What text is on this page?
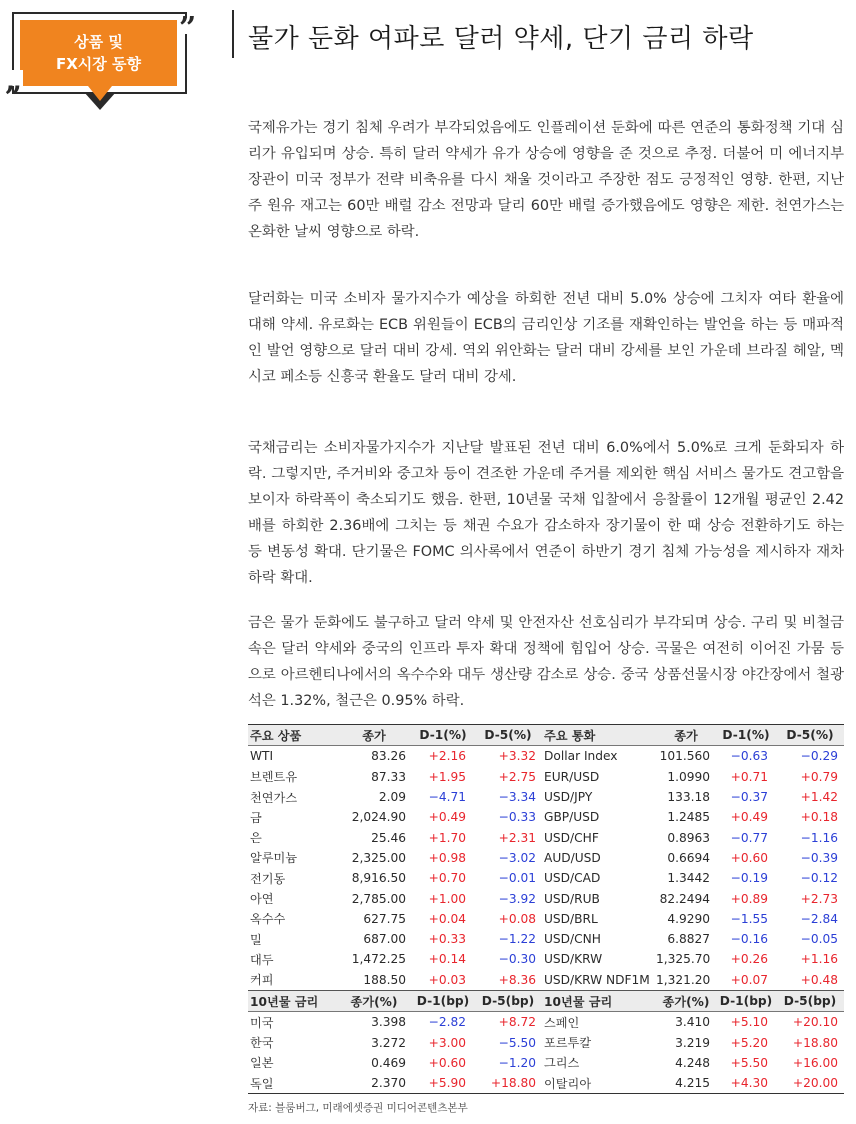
상품 및
FX시장 동향
”
„
물가 둔화 여파로 달러 약세, 단기 금리 하락

국제유가는 경기 침체 우려가 부각되었음에도 인플레이션 둔화에 따른 연준의 통화정책 기대 심리가 유입되며 상승. 특히 달러 약세가 유가 상승에 영향을 준 것으로 추정. 더불어 미 에너지부 장관이 미국 정부가 전략 비축유를 다시 채울 것이라고 주장한 점도 긍정적인 영향. 한편, 지난 주 원유 재고는 60만 배럴 감소 전망과 달리 60만 배럴 증가했음에도 영향은 제한. 천연가스는 온화한 날씨 영향으로 하락.

달러화는 미국 소비자 물가지수가 예상을 하회한 전년 대비 5.0% 상승에 그치자 여타 환율에 대해 약세. 유로화는 ECB 위원들이 ECB의 금리인상 기조를 재확인하는 발언을 하는 등 매파적인 발언 영향으로 달러 대비 강세. 역외 위안화는 달러 대비 강세를 보인 가운데 브라질 헤알, 멕시코 페소등 신흥국 환율도 달러 대비 강세.

국채금리는 소비자물가지수가 지난달 발표된 전년 대비 6.0%에서 5.0%로 크게 둔화되자 하락. 그렇지만, 주거비와 중고차 등이 견조한 가운데 주거를 제외한 핵심 서비스 물가도 견고함을 보이자 하락폭이 축소되기도 했음. 한편, 10년물 국채 입찰에서 응찰률이 12개월 평균인 2.42배를 하회한 2.36배에 그치는 등 채권 수요가 감소하자 장기물이 한 때 상승 전환하기도 하는 등 변동성 확대. 단기물은 FOMC 의사록에서 연준이 하반기 경기 침체 가능성을 제시하자 재차 하락 확대.

금은 물가 둔화에도 불구하고 달러 약세 및 안전자산 선호심리가 부각되며 상승. 구리 및 비철금속은 달러 약세와 중국의 인프라 투자 확대 정책에 힘입어 상승. 곡물은 여전히 이어진 가뭄 등으로 아르헨티나에서의 옥수수와 대두 생산량 감소로 상승. 중국 상품선물시장 야간장에서 철광석은 1.32%, 철근은 0.95% 하락.

주요 상품	종가	D-1(%)	D-5(%)	주요 통화	종가	D-1(%)	D-5(%)
WTI	83.26	+2.16	+3.32	Dollar Index	101.560	−0.63	−0.29
브렌트유	87.33	+1.95	+2.75	EUR/USD	1.0990	+0.71	+0.79
천연가스	2.09	−4.71	−3.34	USD/JPY	133.18	−0.37	+1.42
금	2,024.90	+0.49	−0.33	GBP/USD	1.2485	+0.49	+0.18
은	25.46	+1.70	+2.31	USD/CHF	0.8963	−0.77	−1.16
알루미늄	2,325.00	+0.98	−3.02	AUD/USD	0.6694	+0.60	−0.39
전기동	8,916.50	+0.70	−0.01	USD/CAD	1.3442	−0.19	−0.12
아연	2,785.00	+1.00	−3.92	USD/RUB	82.2494	+0.89	+2.73
옥수수	627.75	+0.04	+0.08	USD/BRL	4.9290	−1.55	−2.84
밀	687.00	+0.33	−1.22	USD/CNH	6.8827	−0.16	−0.05
대두	1,472.25	+0.14	−0.30	USD/KRW	1,325.70	+0.26	+1.16
커피	188.50	+0.03	+8.36	USD/KRW NDF1M	1,321.20	+0.07	+0.48
10년물 금리	종가(%)	D-1(bp)	D-5(bp)	10년물 금리	종가(%)	D-1(bp)	D-5(bp)
미국	3.398	−2.82	+8.72	스페인	3.410	+5.10	+20.10
한국	3.272	+3.00	−5.50	포르투칼	3.219	+5.20	+18.80
일본	0.469	+0.60	−1.20	그리스	4.248	+5.50	+16.00
독일	2.370	+5.90	+18.80	이탈리아	4.215	+4.30	+20.00
자료: 블룸버그, 미래에셋증권 미디어콘텐츠본부
